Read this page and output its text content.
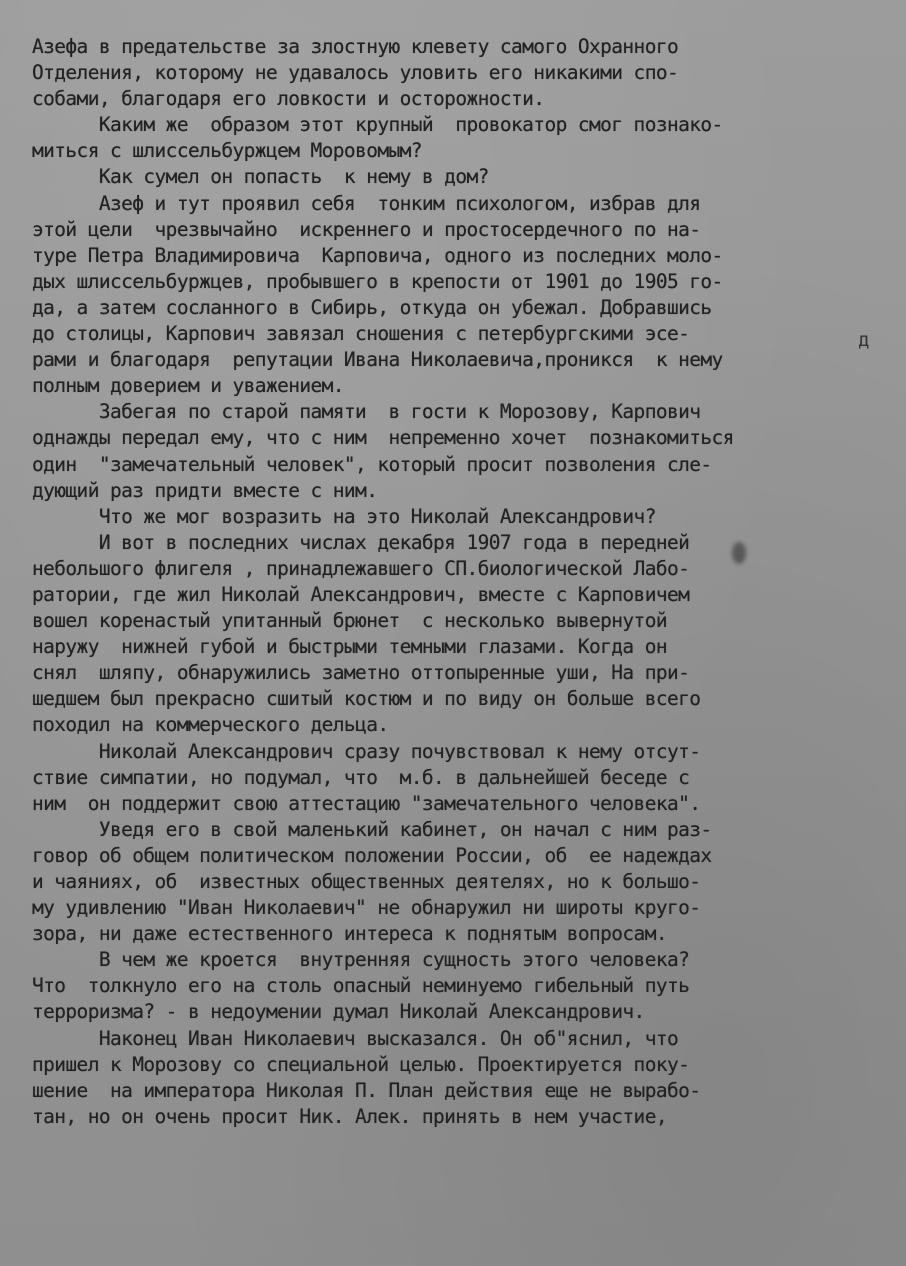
Азефа в предательстве за злостную клевету самого Охранного
Отделения, которому не удавалось уловить его никакими спо-
собами, благодаря его ловкости и осторожности.
Каким же  образом этот крупный  провокатор смог познако-
миться с шлиссельбуржцем Моровомым?
Как сумел он попасть  к нему в дом?
Азеф и тут проявил себя  тонким психологом, избрав для
этой цели  чрезвычайно  искреннего и простосердечного по на-
туре Петра Владимировича  Карповича, одного из последних моло-
дых шлиссельбуржцев, пробывшего в крепости от 1901 до 1905 го-
да, а затем сосланного в Сибирь, откуда он убежал. Добравшись
до столицы, Карпович завязал сношения с петербургскими эсе-
рами и благодаря  репутации Ивана Николаевича,проникся  к нему
полным доверием и уважением.
Забегая по старой памяти  в гости к Морозову, Карпович
однажды передал ему, что с ним  непременно хочет  познакомиться
один  "замечательный человек", который просит позволения сле-
дующий раз придти вместе с ним.
Что же мог возразить на это Николай Александрович?
И вот в последних числах декабря 1907 года в передней
небольшого флигеля , принадлежавшего СП.биологической Лабо-
ратории, где жил Николай Александрович, вместе с Карповичем
вошел коренастый упитанный брюнет  с несколько вывернутой
наружу  нижней губой и быстрыми темными глазами. Когда он
снял  шляпу, обнаружились заметно оттопыренные уши, На при-
шедшем был прекрасно сшитый костюм и по виду он больше всего
походил на коммерческого дельца.
Николай Александрович сразу почувствовал к нему отсут-
ствие симпатии, но подумал, что  м.б. в дальнейшей беседе с
ним  он поддержит свою аттестацию "замечательного человека".
Уведя его в свой маленький кабинет, он начал с ним раз-
говор об общем политическом положении России, об  ее надеждах
и чаяниях, об  известных общественных деятелях, но к большо-
му удивлению "Иван Николаевич" не обнаружил ни широты круго-
зора, ни даже естественного интереса к поднятым вопросам.
В чем же кроется  внутренняя сущность этого человека?
Что  толкнуло его на столь опасный неминуемо гибельный путь
терроризма? - в недоумении думал Николай Александрович.
Наконец Иван Николаевич высказался. Он об"яснил, что
пришел к Морозову со специальной целью. Проектируется поку-
шение  на императора Николая П. План действия еще не вырабо-
тан, но он очень просит Ник. Алек. принять в нем участие,
д
